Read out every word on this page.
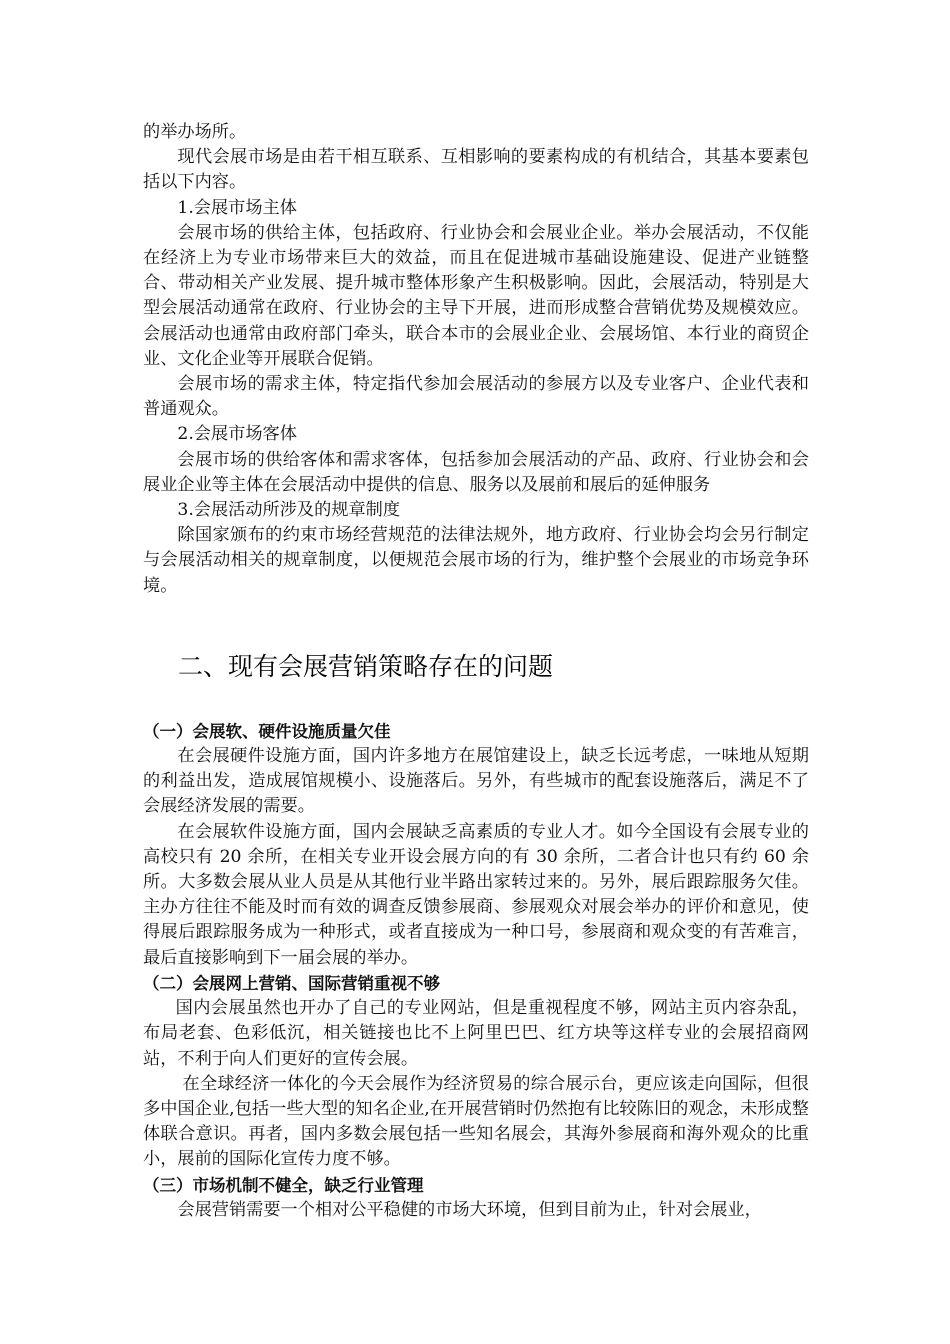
的举办场所。

现代会展市场是由若干相互联系、互相影响的要素构成的有机结合，其基本要素包括以下内容。

1.会展市场主体

会展市场的供给主体，包括政府、行业协会和会展业企业。举办会展活动，不仅能在经济上为专业市场带来巨大的效益，而且在促进城市基础设施建设、促进产业链整合、带动相关产业发展、提升城市整体形象产生积极影响。因此，会展活动，特别是大型会展活动通常在政府、行业协会的主导下开展，进而形成整合营销优势及规模效应。会展活动也通常由政府部门牵头，联合本市的会展业企业、会展场馆、本行业的商贸企业、文化企业等开展联合促销。

会展市场的需求主体，特定指代参加会展活动的参展方以及专业客户、企业代表和普通观众。

2.会展市场客体

会展市场的供给客体和需求客体，包括参加会展活动的产品、政府、行业协会和会展业企业等主体在会展活动中提供的信息、服务以及展前和展后的延伸服务

3.会展活动所涉及的规章制度

除国家颁布的约束市场经营规范的法律法规外，地方政府、行业协会均会另行制定与会展活动相关的规章制度，以便规范会展市场的行为，维护整个会展业的市场竞争环境。

二、现有会展营销策略存在的问题

（一）会展软、硬件设施质量欠佳

在会展硬件设施方面，国内许多地方在展馆建设上，缺乏长远考虑，一味地从短期的利益出发，造成展馆规模小、设施落后。另外，有些城市的配套设施落后，满足不了会展经济发展的需要。

在会展软件设施方面，国内会展缺乏高素质的专业人才。如今全国设有会展专业的高校只有 20 余所，在相关专业开设会展方向的有 30 余所，二者合计也只有约 60 余所。大多数会展从业人员是从其他行业半路出家转过来的。另外，展后跟踪服务欠佳。主办方往往不能及时而有效的调查反馈参展商、参展观众对展会举办的评价和意见，使得展后跟踪服务成为一种形式，或者直接成为一种口号，参展商和观众变的有苦难言，最后直接影响到下一届会展的举办。

（二）会展网上营销、国际营销重视不够

国内会展虽然也开办了自己的专业网站，但是重视程度不够，网站主页内容杂乱，布局老套、色彩低沉，相关链接也比不上阿里巴巴、红方块等这样专业的会展招商网站，不利于向人们更好的宣传会展。

在全球经济一体化的今天会展作为经济贸易的综合展示台，更应该走向国际，但很多中国企业,包括一些大型的知名企业,在开展营销时仍然抱有比较陈旧的观念，未形成整体联合意识。再者，国内多数会展包括一些知名展会，其海外参展商和海外观众的比重小，展前的国际化宣传力度不够。

（三）市场机制不健全，缺乏行业管理

会展营销需要一个相对公平稳健的市场大环境，但到目前为止，针对会展业，
